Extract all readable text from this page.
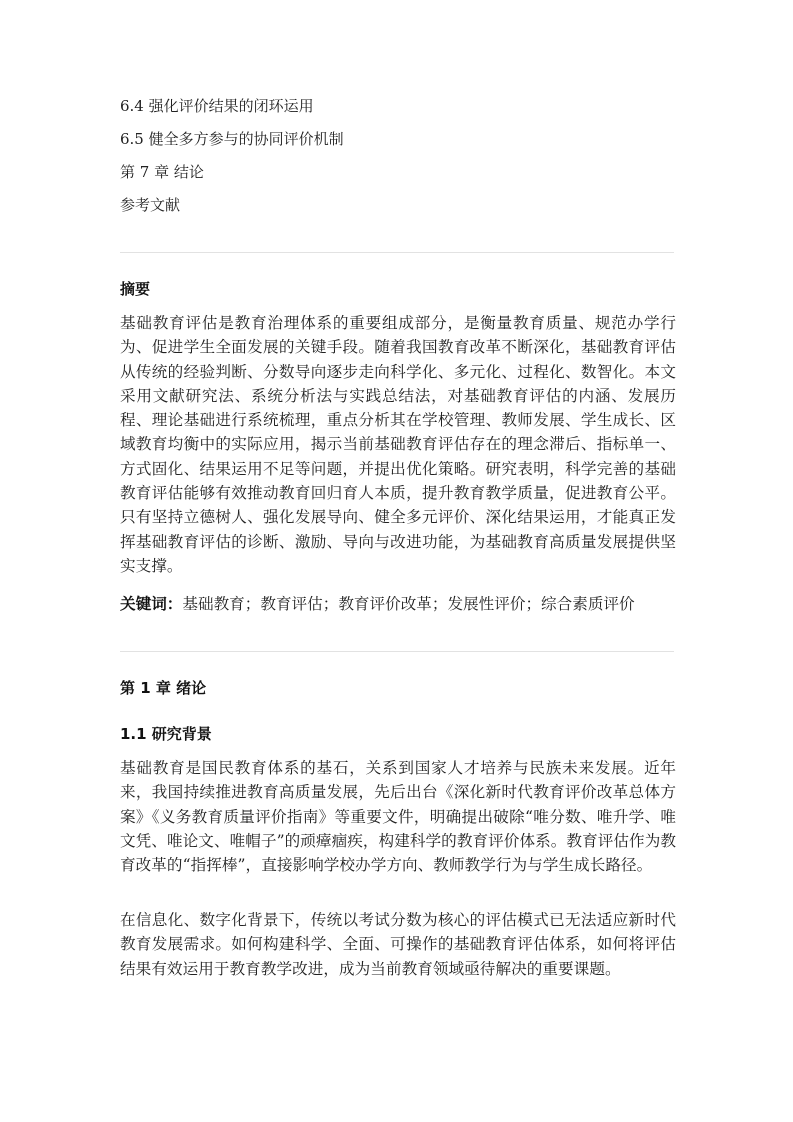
6.4 强化评价结果的闭环运用
6.5 健全多方参与的协同评价机制
第 7 章 结论
参考文献
摘要
基础教育评估是教育治理体系的重要组成部分，是衡量教育质量、规范办学行为、促进学生全面发展的关键手段。随着我国教育改革不断深化，基础教育评估从传统的经验判断、分数导向逐步走向科学化、多元化、过程化、数智化。本文采用文献研究法、系统分析法与实践总结法，对基础教育评估的内涵、发展历程、理论基础进行系统梳理，重点分析其在学校管理、教师发展、学生成长、区域教育均衡中的实际应用，揭示当前基础教育评估存在的理念滞后、指标单一、方式固化、结果运用不足等问题，并提出优化策略。研究表明，科学完善的基础教育评估能够有效推动教育回归育人本质，提升教育教学质量，促进教育公平。只有坚持立德树人、强化发展导向、健全多元评价、深化结果运用，才能真正发挥基础教育评估的诊断、激励、导向与改进功能，为基础教育高质量发展提供坚实支撑。
关键词：基础教育；教育评估；教育评价改革；发展性评价；综合素质评价
第 1 章 绪论
1.1 研究背景
基础教育是国民教育体系的基石，关系到国家人才培养与民族未来发展。近年来，我国持续推进教育高质量发展，先后出台《深化新时代教育评价改革总体方案》《义务教育质量评价指南》等重要文件，明确提出破除“唯分数、唯升学、唯文凭、唯论文、唯帽子”的顽瘴痼疾，构建科学的教育评价体系。教育评估作为教育改革的“指挥棒”，直接影响学校办学方向、教师教学行为与学生成长路径。
在信息化、数字化背景下，传统以考试分数为核心的评估模式已无法适应新时代教育发展需求。如何构建科学、全面、可操作的基础教育评估体系，如何将评估结果有效运用于教育教学改进，成为当前教育领域亟待解决的重要课题。
